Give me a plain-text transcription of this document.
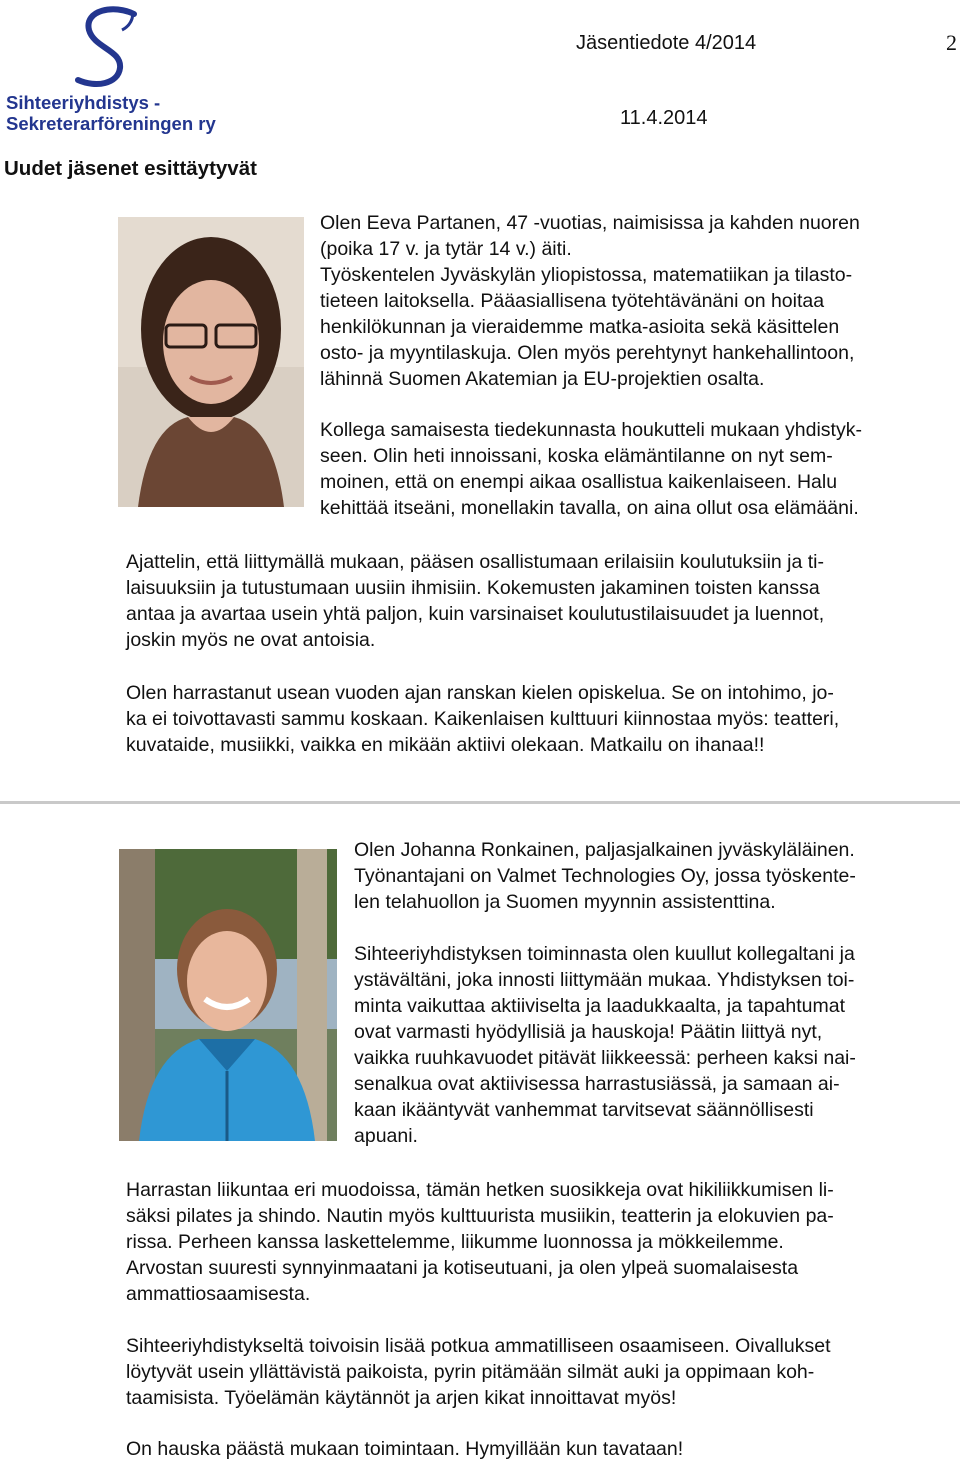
Sihteeriyhdistys -
Sekreterarföreningen ry
Jäsentiedote 4/2014	2
11.4.2014
Uudet jäsenet esittäytyvät

Olen Eeva Partanen, 47 -vuotias, naimisissa ja kahden nuoren

(poika 17 v. ja tytär 14 v.) äiti.

Työskentelen Jyväskylän yliopistossa, matematiikan ja tilasto-

tieteen laitoksella. Pääasiallisena työtehtävänäni on hoitaa

henkilökunnan ja vieraidemme matka-asioita sekä käsittelen

osto- ja myyntilaskuja. Olen myös perehtynyt hankehallintoon,

lähinnä Suomen Akatemian ja EU-projektien osalta.

Kollega samaisesta tiedekunnasta houkutteli mukaan yhdistyk-

seen. Olin heti innoissani, koska elämäntilanne on nyt sem-

moinen, että on enempi aikaa osallistua kaikenlaiseen. Halu

kehittää itseäni, monellakin tavalla, on aina ollut osa elämääni.

Ajattelin, että liittymällä mukaan, pääsen osallistumaan erilaisiin koulutuksiin ja ti-

laisuuksiin ja tutustumaan uusiin ihmisiin. Kokemusten jakaminen toisten kanssa

antaa ja avartaa usein yhtä paljon, kuin varsinaiset koulutustilaisuudet ja luennot,

joskin myös ne ovat antoisia.

Olen harrastanut usean vuoden ajan ranskan kielen opiskelua. Se on intohimo, jo-

ka ei toivottavasti sammu koskaan. Kaikenlaisen kulttuuri kiinnostaa myös: teatteri,

kuvataide, musiikki, vaikka en mikään aktiivi olekaan. Matkailu on ihanaa!!

Olen Johanna Ronkainen, paljasjalkainen jyväskyläläinen.

Työnantajani on Valmet Technologies Oy, jossa työskente-

len telahuollon ja Suomen myynnin assistenttina.

Sihteeriyhdistyksen toiminnasta olen kuullut kollegaltani ja

ystävältäni, joka innosti liittymään mukaa. Yhdistyksen toi-

minta vaikuttaa aktiiviselta ja laadukkaalta, ja tapahtumat

ovat varmasti hyödyllisiä ja hauskoja! Päätin liittyä nyt,

vaikka ruuhkavuodet pitävät liikkeessä: perheen kaksi nai-

senalkua ovat aktiivisessa harrastusiässä, ja samaan ai-

kaan ikääntyvät vanhemmat tarvitsevat säännöllisesti

apuani.

Harrastan liikuntaa eri muodoissa, tämän hetken suosikkeja ovat hikiliikkumisen li-

säksi pilates ja shindo. Nautin myös kulttuurista musiikin, teatterin ja elokuvien pa-

rissa. Perheen kanssa laskettelemme, liikumme luonnossa ja mökkeilemme.

Arvostan suuresti synnyinmaatani ja kotiseutuani, ja olen ylpeä suomalaisesta

ammattiosaamisesta.

Sihteeriyhdistykseltä toivoisin lisää potkua ammatilliseen osaamiseen. Oivallukset

löytyvät usein yllättävistä paikoista, pyrin pitämään silmät auki ja oppimaan koh-

taamisista. Työelämän käytännöt ja arjen kikat innoittavat myös!

On hauska päästä mukaan toimintaan. Hymyillään kun tavataan!
